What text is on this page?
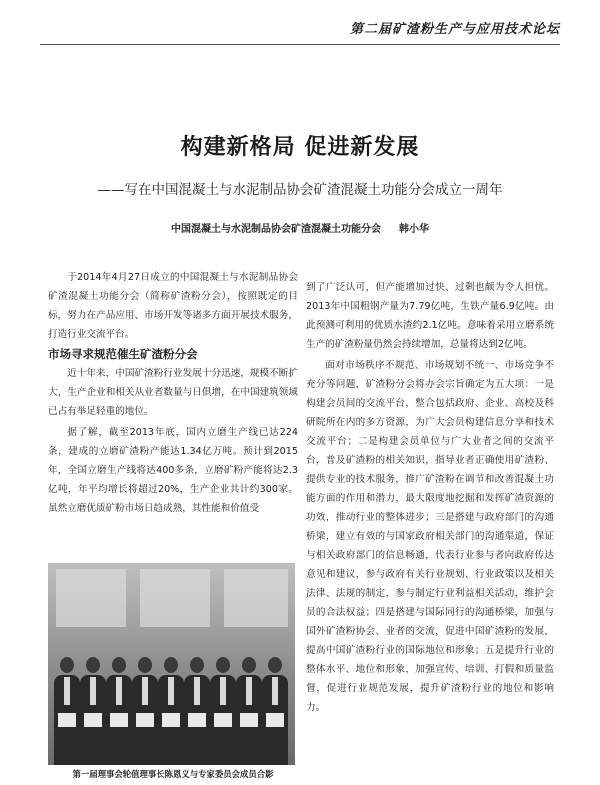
第二届矿渣粉生产与应用技术论坛
构建新格局 促进新发展

——写在中国混凝土与水泥制品协会矿渣混凝土功能分会成立一周年

中国混凝土与水泥制品协会矿渣混凝土功能分会 韩小华

于2014年4月27日成立的中国混凝土与水泥制品协会矿渣混凝土功能分会（简称矿渣粉分会），按照既定的目标，努力在产品应用、市场开发等诸多方面开展技术服务，打造行业交流平台。

市场寻求规范催生矿渣粉分会

近十年来，中国矿渣粉行业发展十分迅速，规模不断扩大，生产企业和相关从业者数量与日俱增，在中国建筑领域已占有举足轻重的地位。

据了解，截至2013年底，国内立磨生产线已达224条，建成的立磨矿渣粉产能达1.34亿万吨。预计到2015年，全国立磨生产线将达400多条，立磨矿粉产能将达2.3亿吨，年平均增长将超过20%，生产企业共计约300家。虽然立磨优质矿粉市场日趋成熟，其性能和价值受

到了广泛认可，但产能增加过快、过剩也颇为令人担忧。2013年中国粗钢产量为7.79亿吨，生铁产量6.9亿吨。由此预测可利用的优质水渣约2.1亿吨。意味着采用立磨系统生产的矿渣粉量仍然会持续增加，总量将达到2亿吨。

面对市场秩序不规范、市场规划不统一、市场竞争不充分等问题，矿渣粉分会将办会宗旨确定为五大项：一是构建会员间的交流平台，整合包括政府、企业、高校及科研院所在内的多方资源，为广大会员构建信息分享和技术交流平台；二是构建会员单位与广大业者之间的交流平台，普及矿渣粉的相关知识，指导业者正确使用矿渣粉、提供专业的技术服务，推广矿渣粉在调节和改善混凝土功能方面的作用和潜力，最大限度地挖掘和发挥矿渣资源的功效，推动行业的整体进步；三是搭建与政府部门的沟通桥梁，建立有效的与国家政府相关部门的沟通渠道，保证与相关政府部门的信息畅通，代表行业参与者向政府传达意见和建议，参与政府有关行业规划、行业政策以及相关法律、法规的制定，参与制定行业利益相关活动，维护会员的合法权益；四是搭建与国际同行的沟通桥梁，加强与国外矿渣粉协会、业者的交流，促进中国矿渣粉的发展，提高中国矿渣粉行业的国际地位和形象；五是提升行业的整体水平、地位和形象，加强宣传、培训、打假和质量监督，促进行业规范发展，提升矿渣粉行业的地位和影响力。

第一届理事会轮值理事长陈恩义与专家委员会成员合影
